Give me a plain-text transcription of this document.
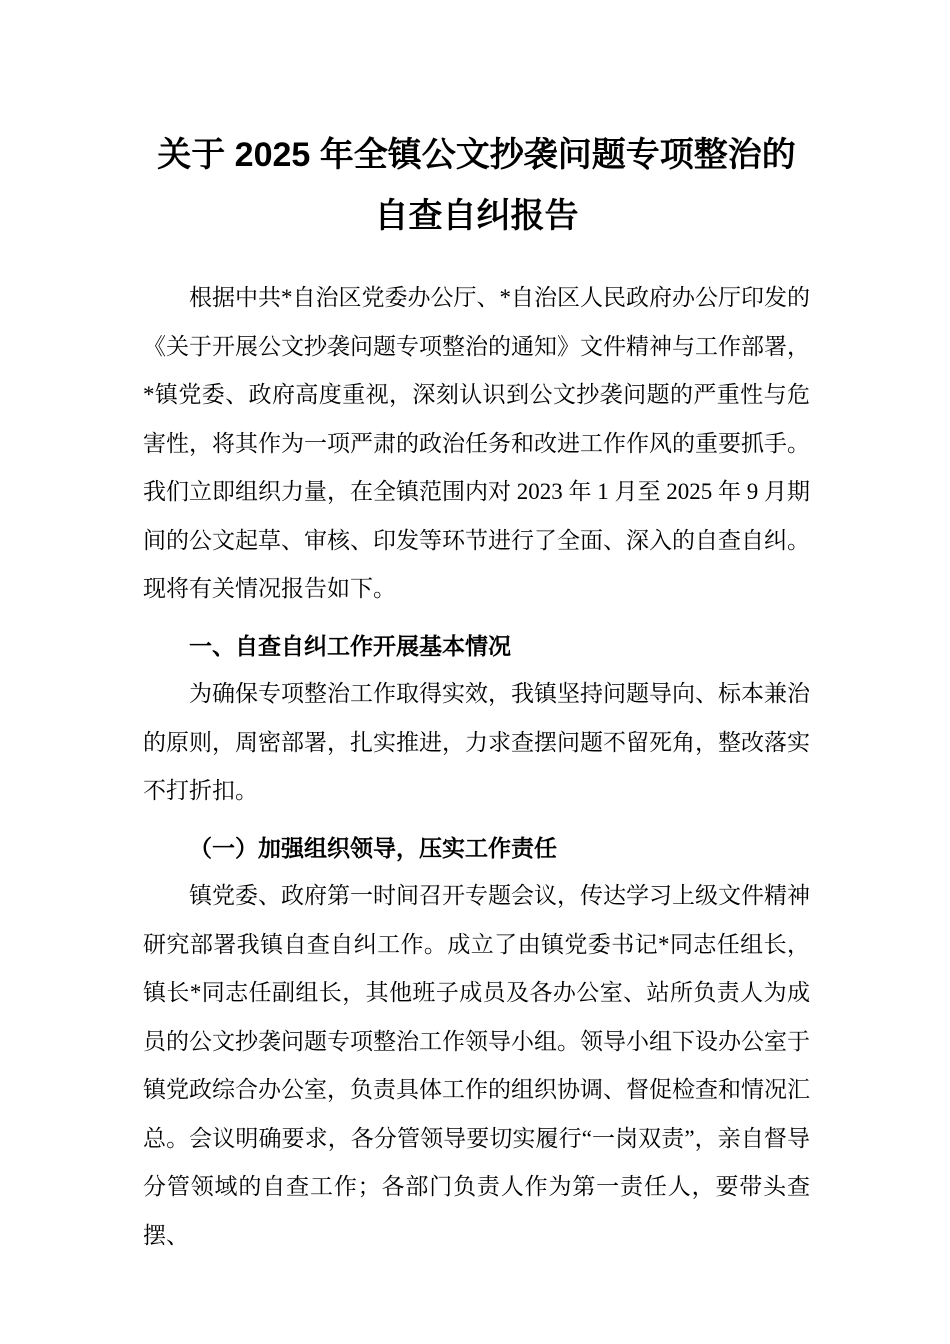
关于 2025 年全镇公文抄袭问题专项整治的
自查自纠报告

根据中共*自治区党委办公厅、*自治区人民政府办公厅印发的《关于开展公文抄袭问题专项整治的通知》文件精神与工作部署，*镇党委、政府高度重视，深刻认识到公文抄袭问题的严重性与危害性，将其作为一项严肃的政治任务和改进工作作风的重要抓手。我们立即组织力量，在全镇范围内对 2023 年 1 月至 2025 年 9 月期间的公文起草、审核、印发等环节进行了全面、深入的自查自纠。现将有关情况报告如下。

一、自查自纠工作开展基本情况

为确保专项整治工作取得实效，我镇坚持问题导向、标本兼治的原则，周密部署，扎实推进，力求查摆问题不留死角，整改落实不打折扣。

（一）加强组织领导，压实工作责任

镇党委、政府第一时间召开专题会议，传达学习上级文件精神研究部署我镇自查自纠工作。成立了由镇党委书记*同志任组长，镇长*同志任副组长，其他班子成员及各办公室、站所负责人为成员的公文抄袭问题专项整治工作领导小组。领导小组下设办公室于镇党政综合办公室，负责具体工作的组织协调、督促检查和情况汇总。会议明确要求，各分管领导要切实履行“一岗双责”，亲自督导分管领域的自查工作；各部门负责人作为第一责任人，要带头查摆、
